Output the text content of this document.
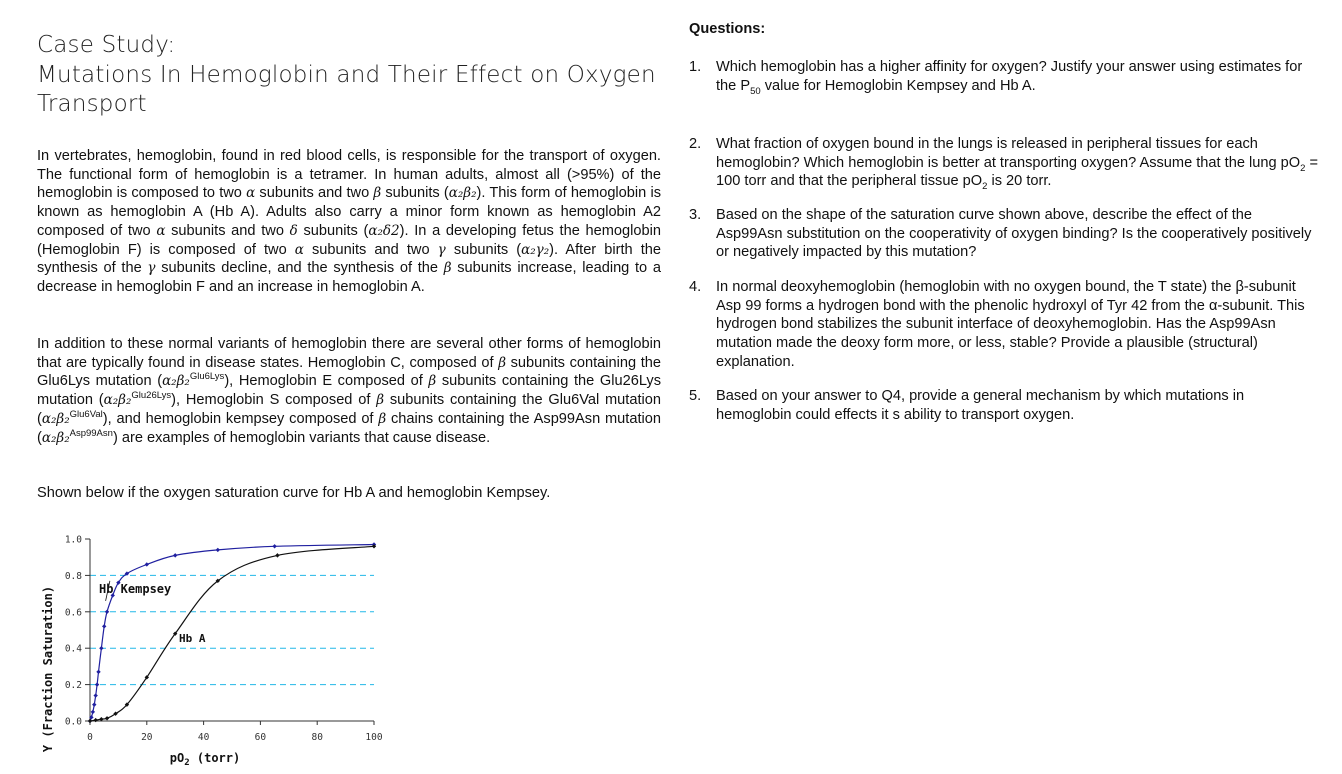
Case Study:
Mutations In Hemoglobin and Their Effect on Oxygen
Transport

In vertebrates, hemoglobin, found in red blood cells, is responsible for the transport of oxygen. The functional form of hemoglobin is a tetramer. In human adults, almost all (>95%) of the hemoglobin is composed to two α subunits and two β subunits (α₂β₂). This form of hemoglobin is known as hemoglobin A (Hb A). Adults also carry a minor form known as hemoglobin A2 composed of two α subunits and two δ subunits (α₂δ2). In a developing fetus the hemoglobin (Hemoglobin F) is composed of two α subunits and two γ subunits (α₂γ₂). After birth the synthesis of the γ subunits decline, and the synthesis of the β subunits increase, leading to a decrease in hemoglobin F and an increase in hemoglobin A.

In addition to these normal variants of hemoglobin there are several other forms of hemoglobin that are typically found in disease states. Hemoglobin C, composed of β subunits containing the Glu6Lys mutation (α₂β₂$^{Glu6Lys}$), Hemoglobin E composed of β subunits containing the Glu26Lys mutation (α₂β₂$^{Glu26Lys}$), Hemoglobin S composed of β subunits containing the Glu6Val mutation (α₂β₂$^{Glu6Val}$), and hemoglobin kempsey composed of β chains containing the Asp99Asn mutation (α₂β₂$^{Asp99Asn}$) are examples of hemoglobin variants that cause disease.

Shown below if the oxygen saturation curve for Hb A and hemoglobin Kempsey.

Questions:
1. Which hemoglobin has a higher affinity for oxygen? Justify your answer using estimates for the $P_{50}$ value for Hemoglobin Kempsey and Hb A.
2. What fraction of oxygen bound in the lungs is released in peripheral tissues for each hemoglobin? Which hemoglobin is better at transporting oxygen? Assume that the lung $pO_2 = 100$ torr and that the peripheral tissue $pO_2$ is 20 torr.
3. Based on the shape of the saturation curve shown above, describe the effect of the Asp99Asn substitution on the cooperativity of oxygen binding? Is the cooperatively positively or negatively impacted by this mutation?
4. In normal deoxyhemoglobin (hemoglobin with no oxygen bound, the T state) the β-subunit Asp 99 forms a hydrogen bond with the phenolic hydroxyl of Tyr 42 from the α-subunit. This hydrogen bond stabilizes the subunit interface of deoxyhemoglobin. Has the Asp99Asn mutation made the deoxy form more, or less, stable? Provide a plausible (structural) explanation.
5. Based on your answer to Q4, provide a general mechanism by which mutations in hemoglobin could effects it s ability to transport oxygen.
0.0
0.2
0.4
0.6
0.8
1.0
0	20	40	60	80	100
Y (Fraction Saturation)
$pO_2$ (torr)
Hb Kempsey
Hb A
